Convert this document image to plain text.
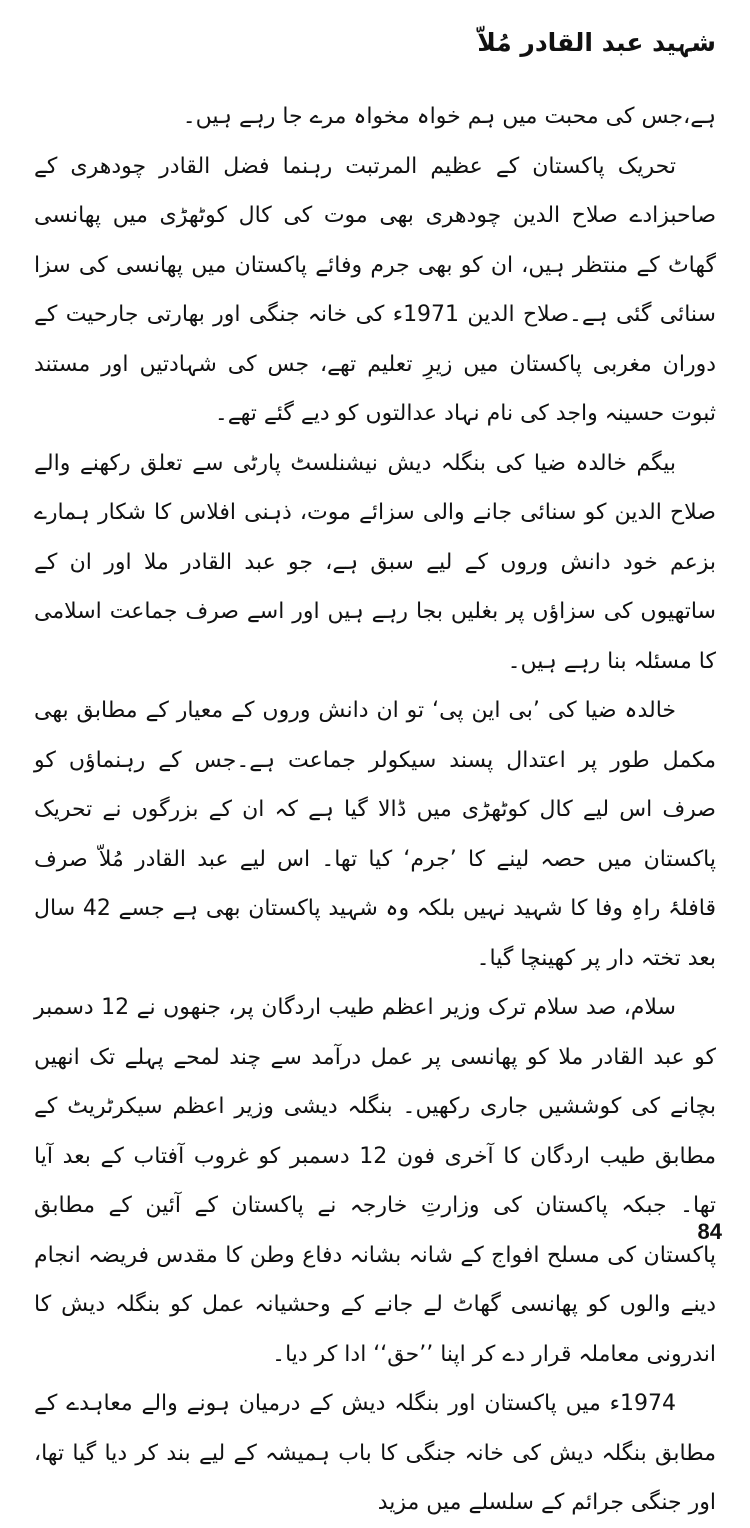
شہید عبد القادر مُلاّ

ہے،جس کی محبت میں ہم خواہ مخواہ مرے جا رہے ہیں۔

تحریک پاکستان کے عظیم المرتبت رہنما فضل القادر چودھری کے صاحبزادے صلاح الدین چودھری بھی موت کی کال کوٹھڑی میں پھانسی گھاٹ کے منتظر ہیں، ان کو بھی جرم وفائے پاکستان میں پھانسی کی سزا سنائی گئی ہے۔صلاح الدین 1971ء کی خانہ جنگی اور بھارتی جارحیت کے دوران مغربی پاکستان میں زیرِ تعلیم تھے، جس کی شہادتیں اور مستند ثبوت حسینہ واجد کی نام نہاد عدالتوں کو دیے گئے تھے۔

بیگم خالدہ ضیا کی بنگلہ دیش نیشنلسٹ پارٹی سے تعلق رکھنے والے صلاح الدین کو سنائی جانے والی سزائے موت، ذہنی افلاس کا شکار ہمارے بزعم خود دانش وروں کے لیے سبق ہے، جو عبد القادر ملا اور ان کے ساتھیوں کی سزاؤں پر بغلیں بجا رہے ہیں اور اسے صرف جماعت اسلامی کا مسئلہ بنا رہے ہیں۔

خالدہ ضیا کی ’بی این پی‘ تو ان دانش وروں کے معیار کے مطابق بھی مکمل طور پر اعتدال پسند سیکولر جماعت ہے۔جس کے رہنماؤں کو صرف اس لیے کال کوٹھڑی میں ڈالا گیا ہے کہ ان کے بزرگوں نے تحریک پاکستان میں حصہ لینے کا ’جرم‘ کیا تھا۔ اس لیے عبد القادر مُلاّ صرف قافلۂ راہِ وفا کا شہید نہیں بلکہ وہ شہید پاکستان بھی ہے جسے 42 سال بعد تختہ دار پر کھینچا گیا۔

سلام، صد سلام ترک وزیر اعظم طیب اردگان پر، جنھوں نے 12 دسمبر کو عبد القادر ملا کو پھانسی پر عمل درآمد سے چند لمحے پہلے تک انھیں بچانے کی کوششیں جاری رکھیں۔ بنگلہ دیشی وزیر اعظم سیکرٹریٹ کے مطابق طیب اردگان کا آخری فون 12 دسمبر کو غروب آفتاب کے بعد آیا تھا۔ جبکہ پاکستان کی وزارتِ خارجہ نے پاکستان کے آئین کے مطابق پاکستان کی مسلح افواج کے شانہ بشانہ دفاع وطن کا مقدس فریضہ انجام دینے والوں کو پھانسی گھاٹ لے جانے کے وحشیانہ عمل کو بنگلہ دیش کا اندرونی معاملہ قرار دے کر اپنا ’’حق‘‘ ادا کر دیا۔

1974ء میں پاکستان اور بنگلہ دیش کے درمیان ہونے والے معاہدے کے مطابق بنگلہ دیش کی خانہ جنگی کا باب ہمیشہ کے لیے بند کر دیا گیا تھا، اور جنگی جرائم کے سلسلے میں مزید

84
